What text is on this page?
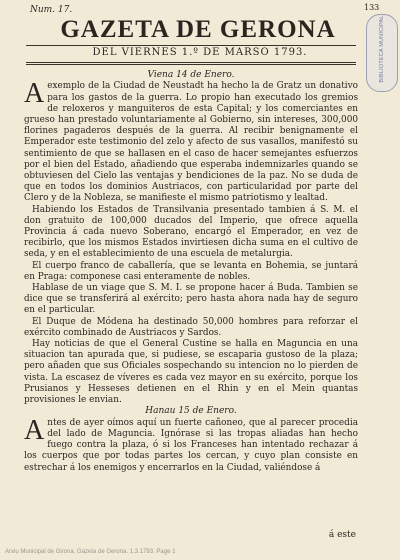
Num. 17.	133
GAZETA DE GERONA
DEL VIERNES 1.º DE MARSO 1793.	BIBLIOTECA MUNICIPAL
Viena 14 de Enero.

A exemplo de la Ciudad de Neustadt ha hecho la de Gratz un donativo para los gastos de la guerra. Lo propio han executado los gremios de reloxeros y manguiteros de esta Capital; y los comerciantes en grueso han prestado voluntariamente al Gobierno, sin intereses, 300,000 florines pagaderos después de la guerra. Al recibir benignamente el Emperador este testimonio del zelo y afecto de sus vasallos, manifestó su sentimiento de que se hallasen en el caso de hacer semejantes esfuerzos por el bien del Estado, añadiendo que esperaba indemnizarles quando se obtuviesen del Cielo las ventajas y bendiciones de la paz. No se duda de que en todos los dominios Austriacos, con particularidad por parte del Clero y de la Nobleza, se manifieste el mismo patriotismo y lealtad.

Habiendo los Estados de Transilvania presentado tambien á S. M. el don gratuito de 100,000 ducados del Imperio, que ofrece aquella Provincia á cada nuevo Soberano, encargó el Emperador, en vez de recibirlo, que los mismos Estados invirtiesen dicha suma en el cultivo de seda, y en el establecimiento de una escuela de metalurgia.

El cuerpo franco de caballería, que se levanta en Bohemia, se juntará en Praga: componese casi enteramente de nobles.

Hablase de un viage que S. M. I. se propone hacer á Buda. Tambien se dice que se transferirá al exército; pero hasta ahora nada hay de seguro en el particular.

El Duque de Módena ha destinado 50,000 hombres para reforzar el exército combinado de Austriacos y Sardos.

Hay noticias de que el General Custine se halla en Maguncia en una situacion tan apurada que, si pudiese, se escaparia gustoso de la plaza; pero añaden que sus Oficiales sospechando su intencion no lo pierden de vista. La escasez de víveres es cada vez mayor en su exército, porque los Prusianos y Hesseses detienen en el Rhin y en el Mein quantas provisiones le envian.

Hanau 15 de Enero.

A ntes de ayer oímos aquí un fuerte cañoneo, que al parecer procedia del lado de Maguncia. Ignórase si las tropas aliadas han hecho fuego contra la plaza, ó si los Franceses han intentado rechazar á los cuerpos que por todas partes los cercan, y cuyo plan consiste en estrechar á los enemigos y encerrarlos en la Ciudad, valiéndose á

á este
Arxiu Municipal de Girona. Gazeta de Gerona. 1.3.1793. Page 1
